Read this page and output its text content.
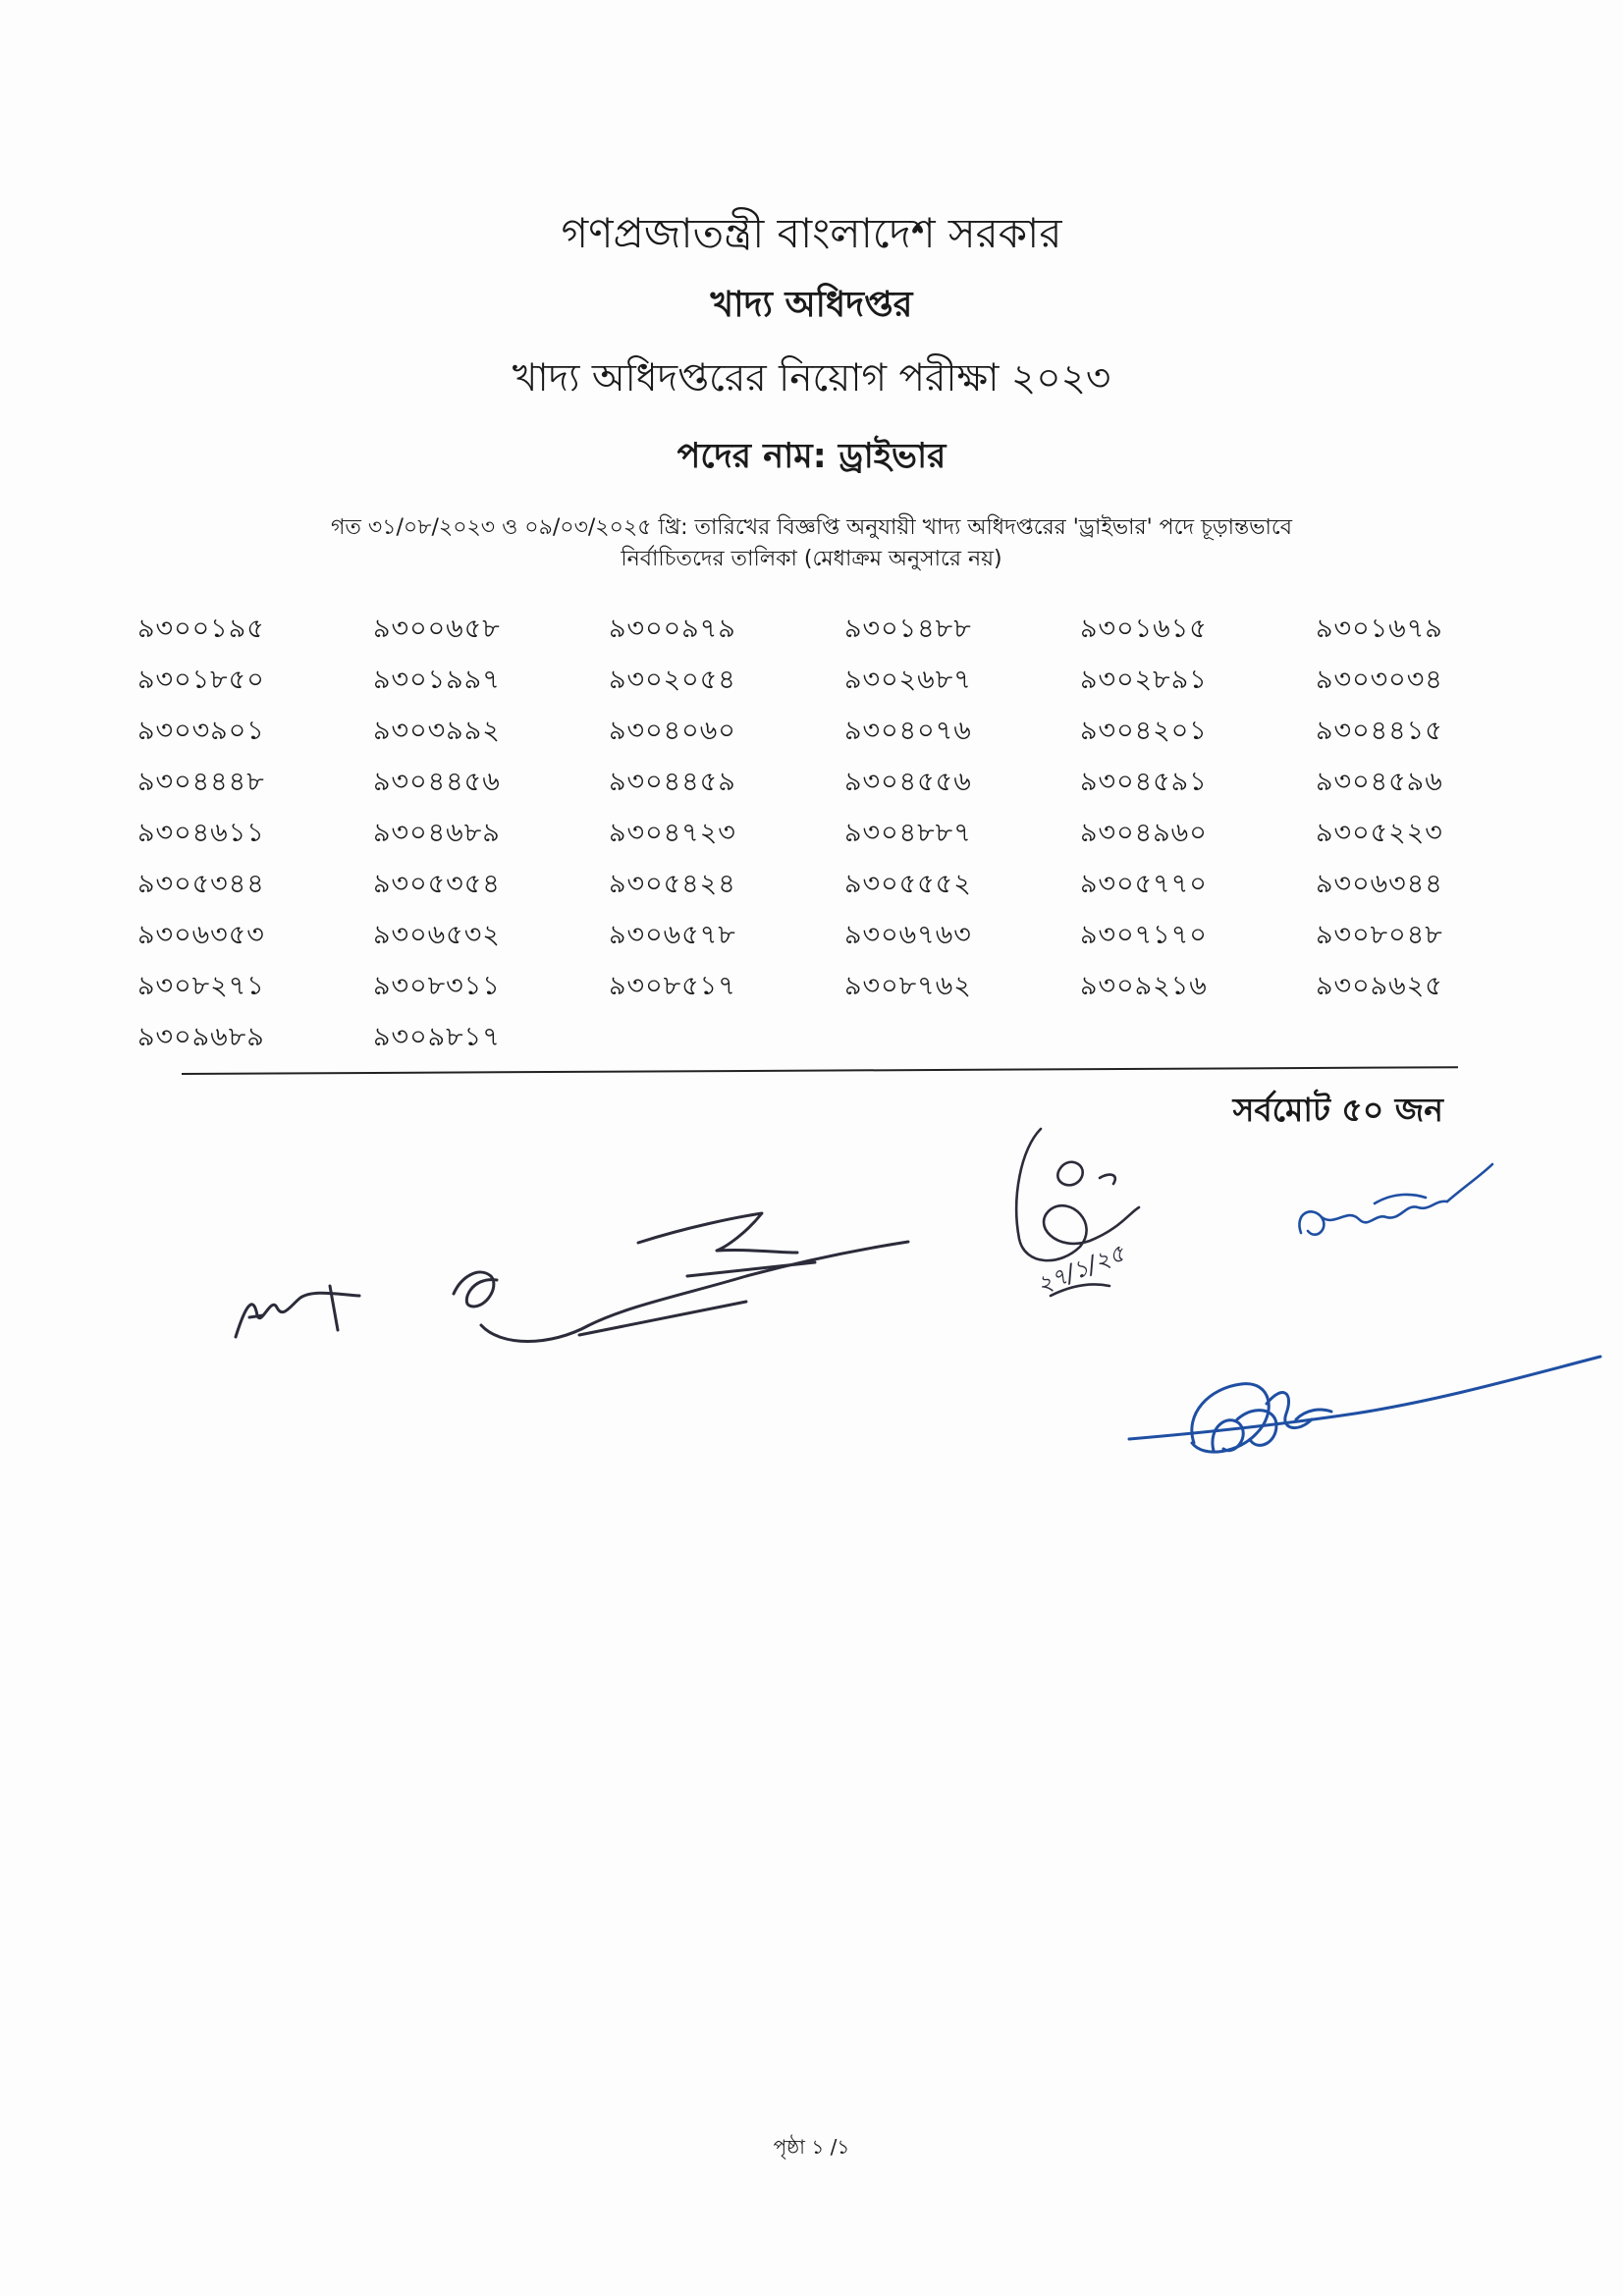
গণপ্রজাতন্ত্রী বাংলাদেশ সরকার
খাদ্য অধিদপ্তর
খাদ্য অধিদপ্তরের নিয়োগ পরীক্ষা ২০২৩
পদের নাম: ড্রাইভার
গত ৩১/০৮/২০২৩ ও ০৯/০৩/২০২৫ খ্রি: তারিখের বিজ্ঞপ্তি অনুযায়ী খাদ্য অধিদপ্তরের 'ড্রাইভার' পদে চূড়ান্তভাবে
নির্বাচিতদের তালিকা (মেধাক্রম অনুসারে নয়)
৯৩০০১৯৫	৯৩০০৬৫৮	৯৩০০৯৭৯	৯৩০১৪৮৮	৯৩০১৬১৫	৯৩০১৬৭৯
৯৩০১৮৫০	৯৩০১৯৯৭	৯৩০২০৫৪	৯৩০২৬৮৭	৯৩০২৮৯১	৯৩০৩০৩৪
৯৩০৩৯০১	৯৩০৩৯৯২	৯৩০৪০৬০	৯৩০৪০৭৬	৯৩০৪২০১	৯৩০৪৪১৫
৯৩০৪৪৪৮	৯৩০৪৪৫৬	৯৩০৪৪৫৯	৯৩০৪৫৫৬	৯৩০৪৫৯১	৯৩০৪৫৯৬
৯৩০৪৬১১	৯৩০৪৬৮৯	৯৩০৪৭২৩	৯৩০৪৮৮৭	৯৩০৪৯৬০	৯৩০৫২২৩
৯৩০৫৩৪৪	৯৩০৫৩৫৪	৯৩০৫৪২৪	৯৩০৫৫৫২	৯৩০৫৭৭০	৯৩০৬৩৪৪
৯৩০৬৩৫৩	৯৩০৬৫৩২	৯৩০৬৫৭৮	৯৩০৬৭৬৩	৯৩০৭১৭০	৯৩০৮০৪৮
৯৩০৮২৭১	৯৩০৮৩১১	৯৩০৮৫১৭	৯৩০৮৭৬২	৯৩০৯২১৬	৯৩০৯৬২৫
৯৩০৯৬৮৯	৯৩০৯৮১৭
সর্বমোট ৫০ জন
২৭/১/২৫
পৃষ্ঠা ১ /১
